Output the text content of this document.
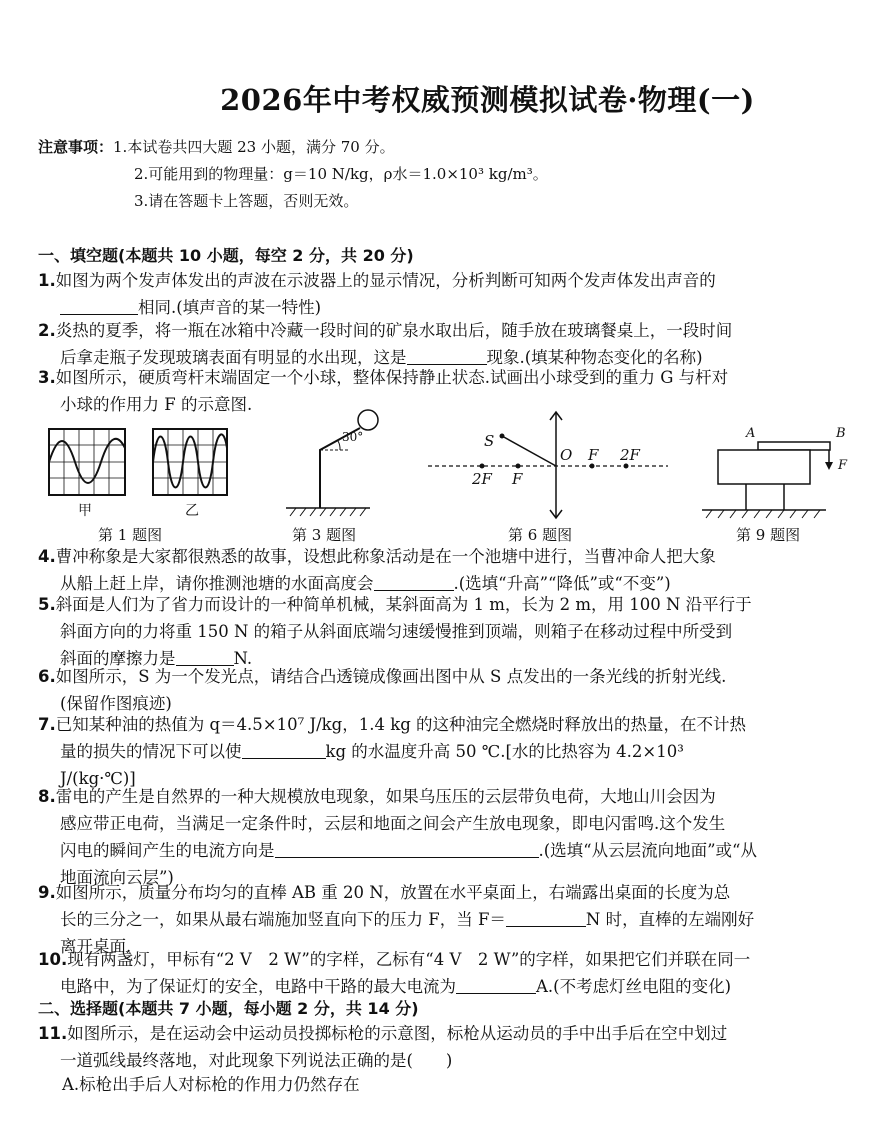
2026年中考权威预测模拟试卷·物理(一)
注意事项：1.本试卷共四大题 23 小题，满分 70 分。
2.可能用到的物理量：g＝10 N/kg，ρ水＝1.0×10³ kg/m³。
3.请在答题卡上答题，否则无效。
一、填空题(本题共 10 小题，每空 2 分，共 20 分)
1.如图为两个发声体发出的声波在示波器上的显示情况，分析判断可知两个发声体发出声音的
相同.(填声音的某一特性)
2.炎热的夏季，将一瓶在冰箱中冷藏一段时间的矿泉水取出后，随手放在玻璃餐桌上，一段时间
后拿走瓶子发现玻璃表面有明显的水出现，这是	现象.(填某种物态变化的名称)
3.如图所示，硬质弯杆末端固定一个小球，整体保持静止状态.试画出小球受到的重力 G 与杆对
小球的作用力 F 的示意图.
甲	乙
第 1 题图
30°
第 3 题图
S
O F 2F
2F F
第 6 题图
A	B
F
第 9 题图
4.曹冲称象是大家都很熟悉的故事，设想此称象活动是在一个池塘中进行，当曹冲命人把大象
从船上赶上岸，请你推测池塘的水面高度会	.(选填“升高”“降低”或“不变”)
5.斜面是人们为了省力而设计的一种简单机械，某斜面高为 1 m，长为 2 m，用 100 N 沿平行于
斜面方向的力将重 150 N 的箱子从斜面底端匀速缓慢推到顶端，则箱子在移动过程中所受到
斜面的摩擦力是	N.
6.如图所示，S 为一个发光点，请结合凸透镜成像画出图中从 S 点发出的一条光线的折射光线.
(保留作图痕迹)
7.已知某种油的热值为 q＝4.5×10⁷ J/kg，1.4 kg 的这种油完全燃烧时释放出的热量，在不计热
量的损失的情况下可以使	kg 的水温度升高 50 ℃.[水的比热容为 4.2×10³
J/(kg·℃)]
8.雷电的产生是自然界的一种大规模放电现象，如果乌压压的云层带负电荷，大地山川会因为
感应带正电荷，当满足一定条件时，云层和地面之间会产生放电现象，即电闪雷鸣.这个发生
闪电的瞬间产生的电流方向是	.(选填“从云层流向地面”或“从
地面流向云层”)
9.如图所示，质量分布均匀的直棒 AB 重 20 N，放置在水平桌面上，右端露出桌面的长度为总
长的三分之一，如果从最右端施加竖直向下的压力 F，当 F＝	N 时，直棒的左端刚好
离开桌面.
10.现有两盏灯，甲标有“2 V　2 W”的字样，乙标有“4 V　2 W”的字样，如果把它们并联在同一
电路中，为了保证灯的安全，电路中干路的最大电流为	A.(不考虑灯丝电阻的变化)
二、选择题(本题共 7 小题，每小题 2 分，共 14 分)
11.如图所示，是在运动会中运动员投掷标枪的示意图，标枪从运动员的手中出手后在空中划过
一道弧线最终落地，对此现象下列说法正确的是(　　)
A.标枪出手后人对标枪的作用力仍然存在
